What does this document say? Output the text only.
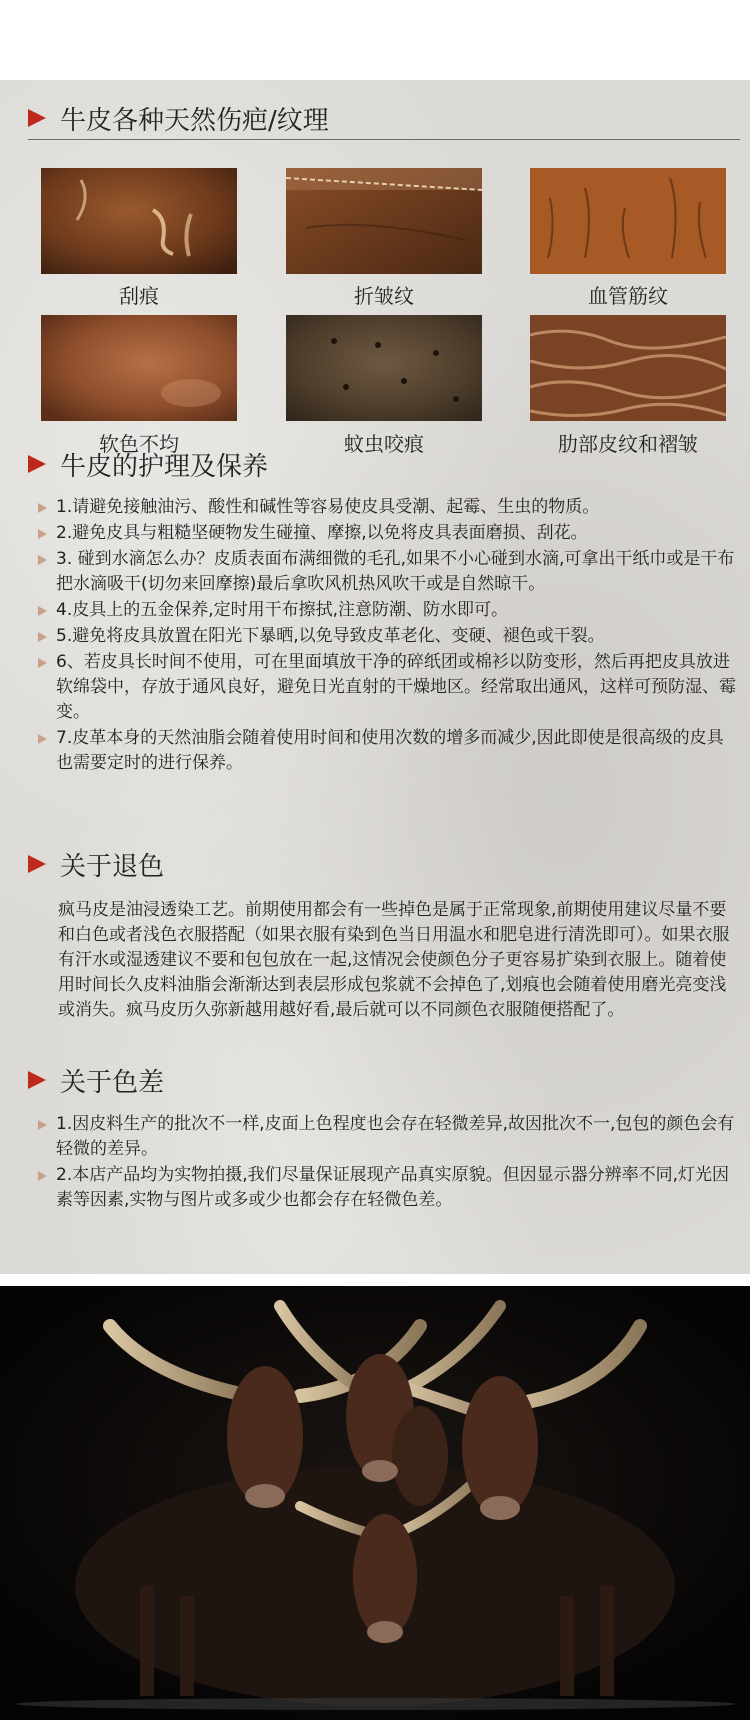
牛皮各种天然伤疤/纹理
刮痕	折皱纹	血管筋纹
软色不均	蚊虫咬痕	肋部皮纹和褶皱
牛皮的护理及保养
1.请避免接触油污、酸性和碱性等容易使皮具受潮、起霉、生虫的物质。
2.避免皮具与粗糙坚硬物发生碰撞、摩擦,以免将皮具表面磨损、刮花。
3. 碰到水滴怎么办？皮质表面布满细微的毛孔,如果不小心碰到水滴,可拿出干纸巾或是干布把水滴吸干(切勿来回摩擦)最后拿吹风机热风吹干或是自然晾干。
4.皮具上的五金保养,定时用干布擦拭,注意防潮、防水即可。
5.避免将皮具放置在阳光下暴晒,以免导致皮革老化、变硬、褪色或干裂。
6、若皮具长时间不使用，可在里面填放干净的碎纸团或棉衫以防变形，然后再把皮具放进软绵袋中，存放于通风良好，避免日光直射的干燥地区。经常取出通风，这样可预防湿、霉变。
7.皮革本身的天然油脂会随着使用时间和使用次数的增多而减少,因此即使是很高级的皮具也需要定时的进行保养。
关于退色

疯马皮是油浸透染工艺。前期使用都会有一些掉色是属于正常现象,前期使用建议尽量不要和白色或者浅色衣服搭配（如果衣服有染到色当日用温水和肥皂进行清洗即可）。如果衣服有汗水或湿透建议不要和包包放在一起,这情况会使颜色分子更容易扩染到衣服上。随着使用时间长久皮料油脂会渐渐达到表层形成包浆就不会掉色了,划痕也会随着使用磨光亮变浅或消失。疯马皮历久弥新越用越好看,最后就可以不同颜色衣服随便搭配了。

关于色差
1.因皮料生产的批次不一样,皮面上色程度也会存在轻微差异,故因批次不一,包包的颜色会有轻微的差异。
2.本店产品均为实物拍摄,我们尽量保证展现产品真实原貌。但因显示器分辨率不同,灯光因素等因素,实物与图片或多或少也都会存在轻微色差。
